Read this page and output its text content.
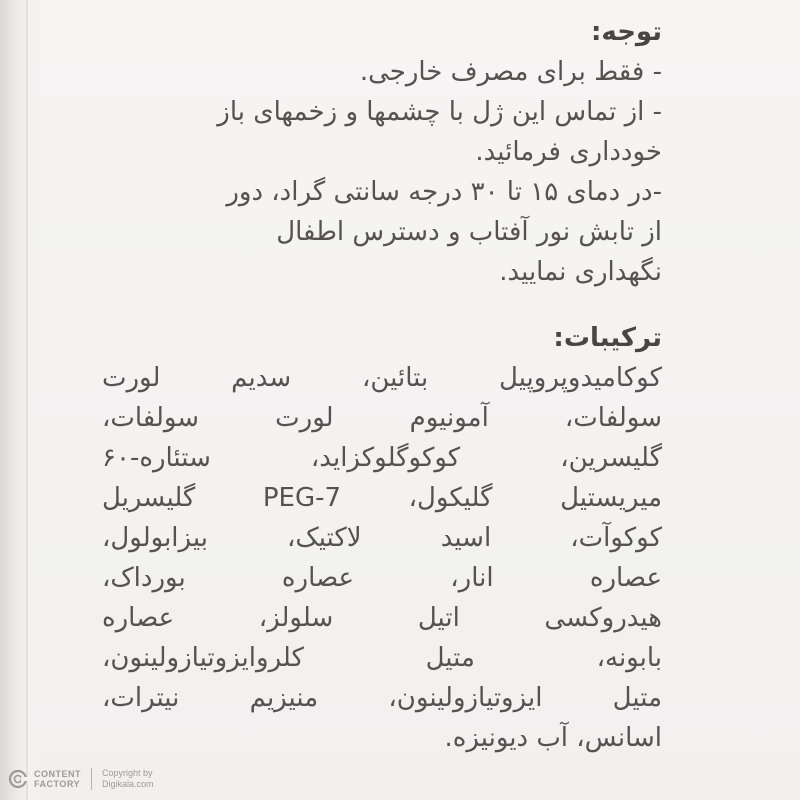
توجه:
- فقط برای مصرف خارجی.
- از تماس این ژل با چشمها و زخمهای باز
خودداری فرمائید.
-در دمای ۱۵ تا ۳۰ درجه سانتی گراد، دور
از تابش نور آفتاب و دسترس اطفال
نگهداری نمایید.
ترکیبات:
کوکامیدوپروپیل بتائین، سدیم لورت
سولفات، آمونیوم لورت سولفات،
گلیسرین، کوکوگلوکزاید، ستئاره-۶۰
میریستیل گلیکول، PEG-7 گلیسریل
کوکوآت، اسید لاکتیک، بیزابولول،
عصاره انار، عصاره بورداک،
هیدروکسی اتیل سلولز، عصاره
بابونه، متیل کلروایزوتیازولینون،
متیل ایزوتیازولینون، منیزیم نیترات،
اسانس، آب دیونیزه.
CONTENT
FACTORY
Copyright by
Digikala.com
